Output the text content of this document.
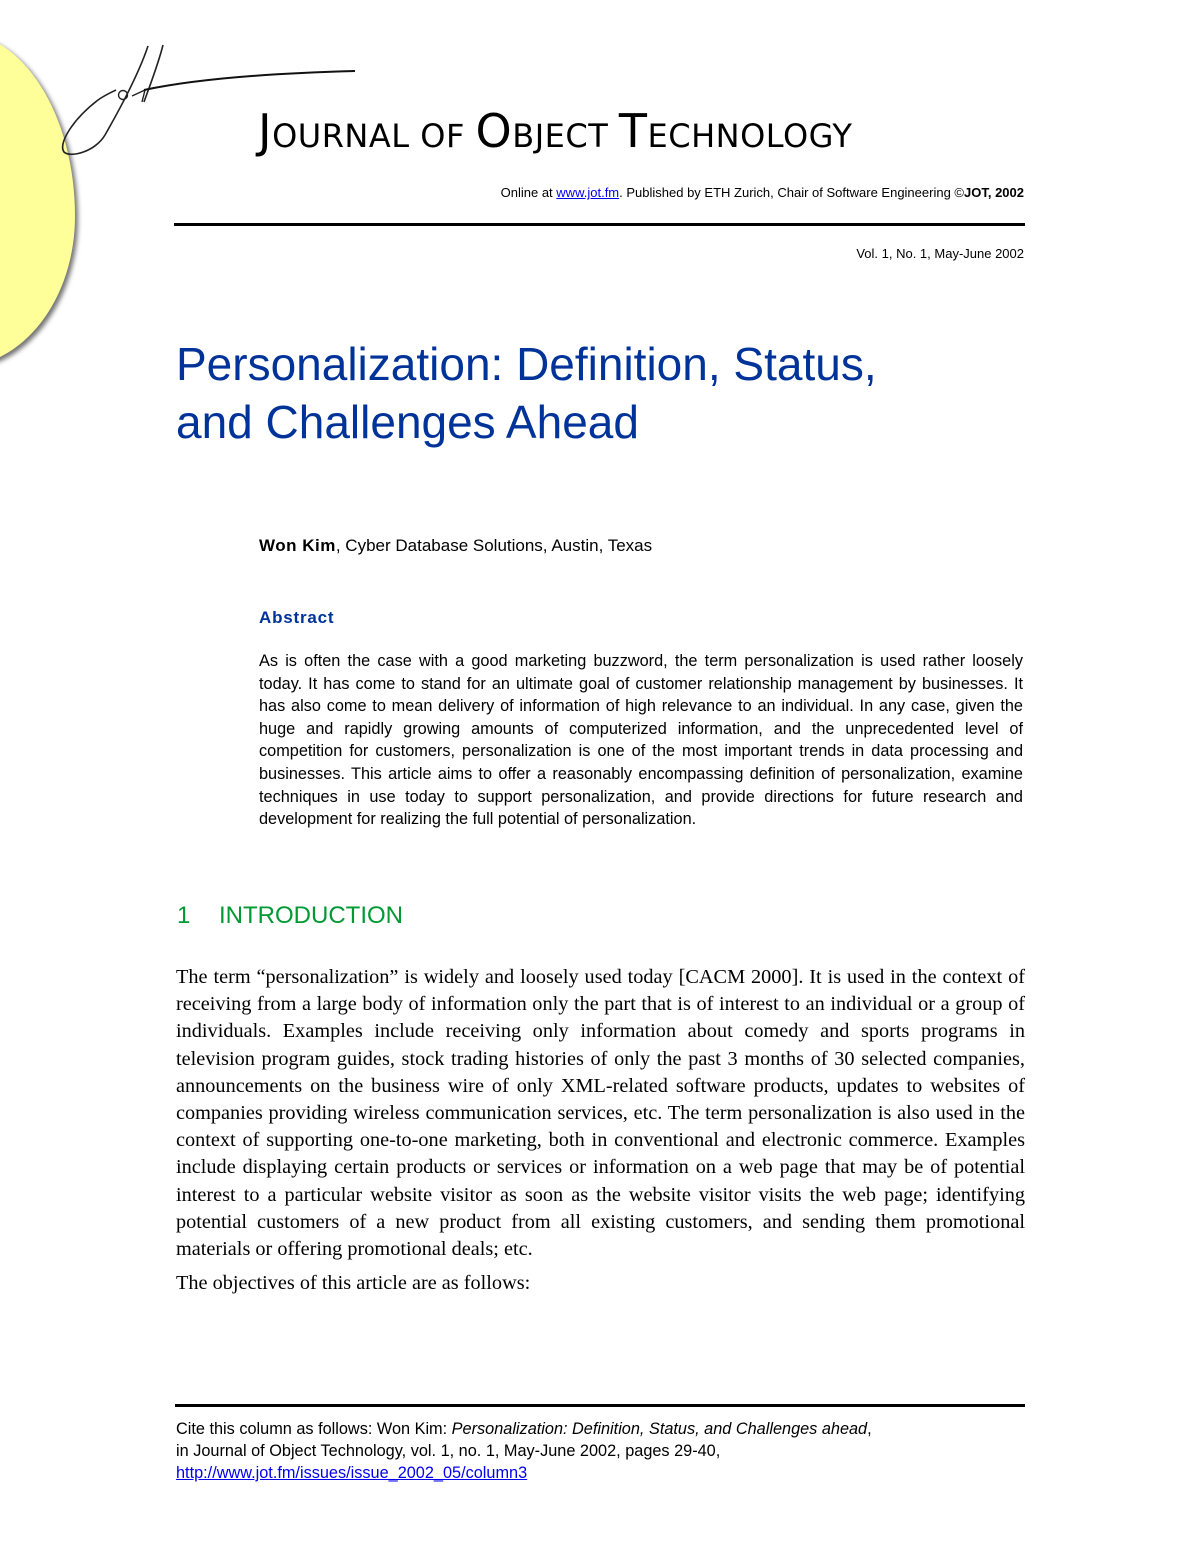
JOURNAL OF OBJECT TECHNOLOGY
Online at www.jot.fm. Published by ETH Zurich, Chair of Software Engineering ©JOT, 2002
Vol. 1, No. 1, May-June 2002
Personalization: Definition, Status,
and Challenges Ahead
Won Kim, Cyber Database Solutions, Austin, Texas
Abstract
As is often the case with a good marketing buzzword, the term personalization is used rather loosely today. It has come to stand for an ultimate goal of customer relationship management by businesses. It has also come to mean delivery of information of high relevance to an individual. In any case, given the huge and rapidly growing amounts of computerized information, and the unprecedented level of competition for customers, personalization is one of the most important trends in data processing and businesses. This article aims to offer a reasonably encompassing definition of personalization, examine techniques in use today to support personalization, and provide directions for future research and development for realizing the full potential of personalization.
1 INTRODUCTION

The term “personalization” is widely and loosely used today [CACM 2000]. It is used in the context of receiving from a large body of information only the part that is of interest to an individual or a group of individuals. Examples include receiving only information about comedy and sports programs in television program guides, stock trading histories of only the past 3 months of 30 selected companies, announcements on the business wire of only XML-related software products, updates to websites of companies providing wireless communication services, etc. The term personalization is also used in the context of supporting one-to-one marketing, both in conventional and electronic commerce. Examples include displaying certain products or services or information on a web page that may be of potential interest to a particular website visitor as soon as the website visitor visits the web page; identifying potential customers of a new product from all existing customers, and sending them promotional materials or offering promotional deals; etc.

The objectives of this article are as follows:

Cite this column as follows: Won Kim: Personalization: Definition, Status, and Challenges ahead,
in Journal of Object Technology, vol. 1, no. 1, May-June 2002, pages 29-40,
http://www.jot.fm/issues/issue_2002_05/column3
